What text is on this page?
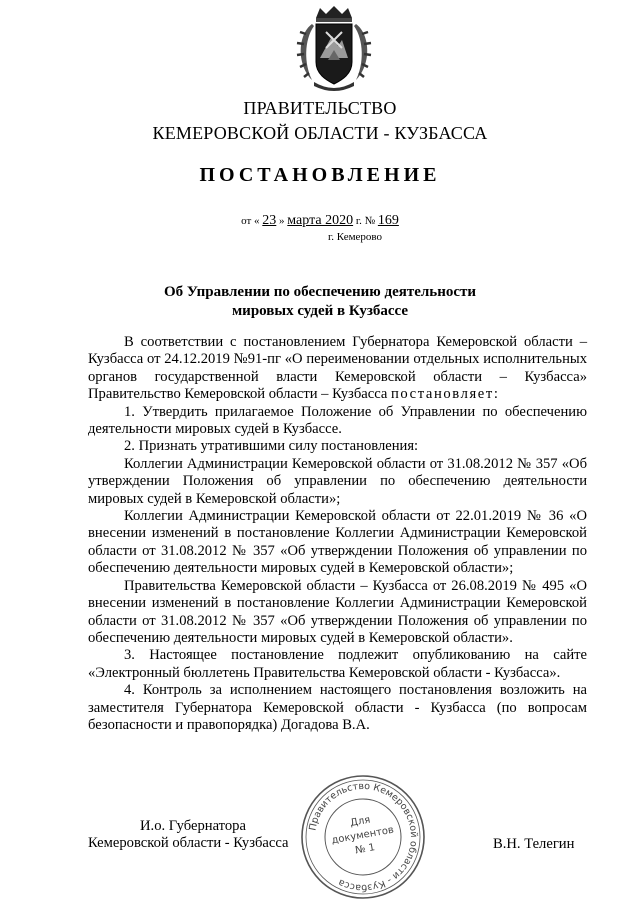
ПРАВИТЕЛЬСТВО
КЕМЕРОВСКОЙ ОБЛАСТИ - КУЗБАССА
ПОСТАНОВЛЕНИЕ
от « 23 » марта 2020 г. № 169
г. Кемерово
Об Управлении по обеспечению деятельности
мировых судей в Кузбассе

В соответствии с постановлением Губернатора Кемеровской области – Кузбасса от 24.12.2019 №91-пг «О переименовании отдельных исполнительных органов государственной власти Кемеровской области – Кузбасса» Правительство Кемеровской области – Кузбасса постановляет:

1. Утвердить прилагаемое Положение об Управлении по обеспечению деятельности мировых судей в Кузбассе.

2. Признать утратившими силу постановления:

Коллегии Администрации Кемеровской области от 31.08.2012 № 357 «Об утверждении Положения об управлении по обеспечению деятельности мировых судей в Кемеровской области»;

Коллегии Администрации Кемеровской области от 22.01.2019 № 36 «О внесении изменений в постановление Коллегии Администрации Кемеровской области от 31.08.2012 № 357 «Об утверждении Положения об управлении по обеспечению деятельности мировых судей в Кемеровской области»;

Правительства Кемеровской области – Кузбасса от 26.08.2019 № 495 «О внесении изменений в постановление Коллегии Администрации Кемеровской области от 31.08.2012 № 357 «Об утверждении Положения об управлении по обеспечению деятельности мировых судей в Кемеровской области».

3. Настоящее постановление подлежит опубликованию на сайте «Электронный бюллетень Правительства Кемеровской области - Кузбасса».

4. Контроль за исполнением настоящего постановления возложить на заместителя Губернатора Кемеровской области - Кузбасса (по вопросам безопасности и правопорядка) Догадова В.А.

И.о. Губернатора
Кемеровской области - Кузбасса	В.Н. Телегин
Правительство Кемеровской области - Кузбасса
Для
документов
№ 1
